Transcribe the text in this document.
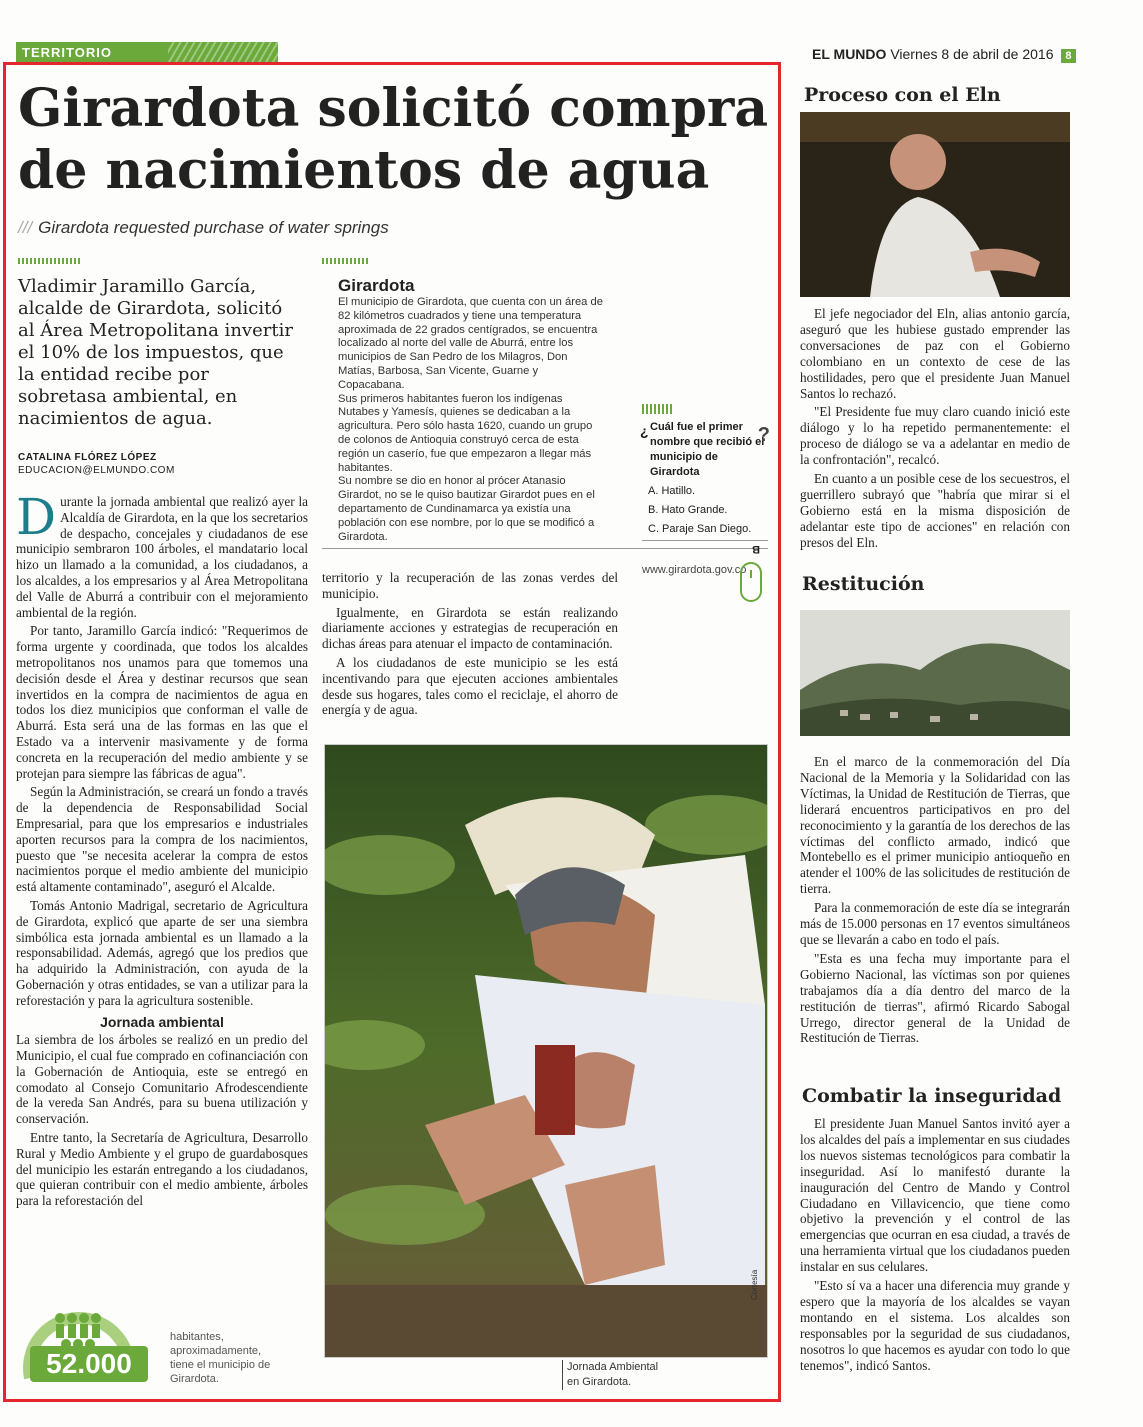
TERRITORIO	EL MUNDO Viernes 8 de abril de 2016 8
Girardota solicitó compra
de nacimientos de agua
/// Girardota requested purchase of water springs
Vladimir Jaramillo García, alcalde de Girardota, solicitó al Área Metropolitana invertir el 10% de los impuestos, que la entidad recibe por sobretasa ambiental, en nacimientos de agua.
CATALINA FLÓREZ LÓPEZ
EDUCACION@ELMUNDO.COM

Durante la jornada ambiental que realizó ayer la Alcaldía de Girardota, en la que los secretarios de despacho, concejales y ciudadanos de ese municipio sembraron 100 árboles, el mandatario local hizo un llamado a la comunidad, a los ciudadanos, a los alcaldes, a los empresarios y al Área Metropolitana del Valle de Aburrá a contribuir con el mejoramiento ambiental de la región.

Por tanto, Jaramillo García indicó: "Requerimos de forma urgente y coordinada, que todos los alcaldes metropolitanos nos unamos para que tomemos una decisión desde el Área y destinar recursos que sean invertidos en la compra de nacimientos de agua en todos los diez municipios que conforman el valle de Aburrá. Esta será una de las formas en las que el Estado va a intervenir masivamente y de forma concreta en la recuperación del medio ambiente y se protejan para siempre las fábricas de agua".

Según la Administración, se creará un fondo a través de la dependencia de Responsabilidad Social Empresarial, para que los empresarios e industriales aporten recursos para la compra de los nacimientos, puesto que "se necesita acelerar la compra de estos nacimientos porque el medio ambiente del municipio está altamente contaminado", aseguró el Alcalde.

Tomás Antonio Madrigal, secretario de Agricultura de Girardota, explicó que aparte de ser una siembra simbólica esta jornada ambiental es un llamado a la responsabilidad. Además, agregó que los predios que ha adquirido la Administración, con ayuda de la Gobernación y otras entidades, se van a utilizar para la reforestación y para la agricultura sostenible.

Jornada ambiental

La siembra de los árboles se realizó en un predio del Municipio, el cual fue comprado en cofinanciación con la Gobernación de Antioquia, este se entregó en comodato al Consejo Comunitario Afrodescendiente de la vereda San Andrés, para su buena utilización y conservación.

Entre tanto, la Secretaría de Agricultura, Desarrollo Rural y Medio Ambiente y el grupo de guardabosques del municipio les estarán entregando a los ciudadanos, que quieran contribuir con el medio ambiente, árboles para la reforestación del

Girardota

El municipio de Girardota, que cuenta con un área de 82 kilómetros cuadrados y tiene una temperatura aproximada de 22 grados centígrados, se encuentra localizado al norte del valle de Aburrá, entre los municipios de San Pedro de los Milagros, Don Matías, Barbosa, San Vicente, Guarne y Copacabana.

Sus primeros habitantes fueron los indígenas Nutabes y Yamesís, quienes se dedicaban a la agricultura. Pero sólo hasta 1620, cuando un grupo de colonos de Antioquia construyó cerca de esta región un caserío, fue que empezaron a llegar más habitantes.

Su nombre se dio en honor al prócer Atanasio Girardot, no se le quiso bautizar Girardot pues en el departamento de Cundinamarca ya existía una población con ese nombre, por lo que se modificó a Girardota.

territorio y la recuperación de las zonas verdes del municipio.

Igualmente, en Girardota se están realizando diariamente acciones y estrategias de recuperación en dichas áreas para atenuar el impacto de contaminación.

A los ciudadanos de este municipio se les está incentivando para que ejecuten acciones ambientales desde sus hogares, tales como el reciclaje, el ahorro de energía y de agua.

¿ Cuál fue el primer nombre que recibió el municipio de Girardota
?
A. Hatillo.
B. Hato Grande.
C. Paraje San Diego.
B
www.girardota.gov.co
Cortesía
Jornada Ambiental
en Girardota.
52.000
habitantes, aproximadamente, tiene el municipio de Girardota.
Proceso con el Eln

El jefe negociador del Eln, alias antonio garcía, aseguró que les hubiese gustado emprender las conversaciones de paz con el Gobierno colombiano en un contexto de cese de las hostilidades, pero que el presidente Juan Manuel Santos lo rechazó.

"El Presidente fue muy claro cuando inició este diálogo y lo ha repetido permanentemente: el proceso de diálogo se va a adelantar en medio de la confrontación", recalcó.

En cuanto a un posible cese de los secuestros, el guerrillero subrayó que "habría que mirar si el Gobierno está en la misma disposición de adelantar este tipo de acciones" en relación con presos del Eln.

Restitución

En el marco de la conmemoración del Día Nacional de la Memoria y la Solidaridad con las Víctimas, la Unidad de Restitución de Tierras, que liderará encuentros participativos en pro del reconocimiento y la garantía de los derechos de las víctimas del conflicto armado, indicó que Montebello es el primer municipio antioqueño en atender el 100% de las solicitudes de restitución de tierra.

Para la conmemoración de este día se integrarán más de 15.000 personas en 17 eventos simultáneos que se llevarán a cabo en todo el país.

"Esta es una fecha muy importante para el Gobierno Nacional, las víctimas son por quienes trabajamos día a día dentro del marco de la restitución de tierras", afirmó Ricardo Sabogal Urrego, director general de la Unidad de Restitución de Tierras.

Combatir la inseguridad

El presidente Juan Manuel Santos invitó ayer a los alcaldes del país a implementar en sus ciudades los nuevos sistemas tecnológicos para combatir la inseguridad. Así lo manifestó durante la inauguración del Centro de Mando y Control Ciudadano en Villavicencio, que tiene como objetivo la prevención y el control de las emergencias que ocurran en esa ciudad, a través de una herramienta virtual que los ciudadanos pueden instalar en sus celulares.

"Esto sí va a hacer una diferencia muy grande y espero que la mayoría de los alcaldes se vayan montando en el sistema. Los alcaldes son responsables por la seguridad de sus ciudadanos, nosotros lo que hacemos es ayudar con todo lo que tenemos", indicó Santos.
